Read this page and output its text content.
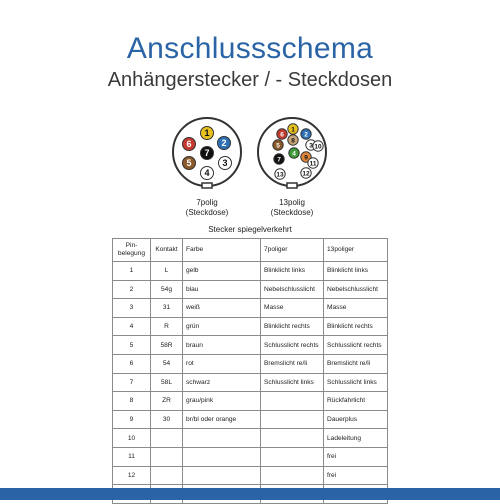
Anschlussschema
Anhängerstecker / - Steckdosen
1
2
3
4
5
6
7
7polig
(Steckdose)
1
2
3
4
5
6
7
8
9
10
11
12
13
13polig
(Steckdose)
Stecker spiegelverkehrt
Pin-
belegung	Kontakt	Farbe	7poliger	13poliger
1	L	gelb	Blinklicht links	Blinklicht links
2	54g	blau	Nebelschlusslicht	Nebelschlusslicht
3	31	weiß	Masse	Masse
4	R	grün	Blinklicht rechts	Blinklicht rechts
5	58R	braun	Schlusslicht rechts	Schlusslicht rechts
6	54	rot	Bremslicht re/li	Bremslicht re/li
7	58L	schwarz	Schlusslicht links	Schlusslicht links
8	ZR	grau/pink		Rückfahrlicht
9	30	br/bl oder orange		Dauerplus
10				Ladeleitung
11				frei
12				frei
